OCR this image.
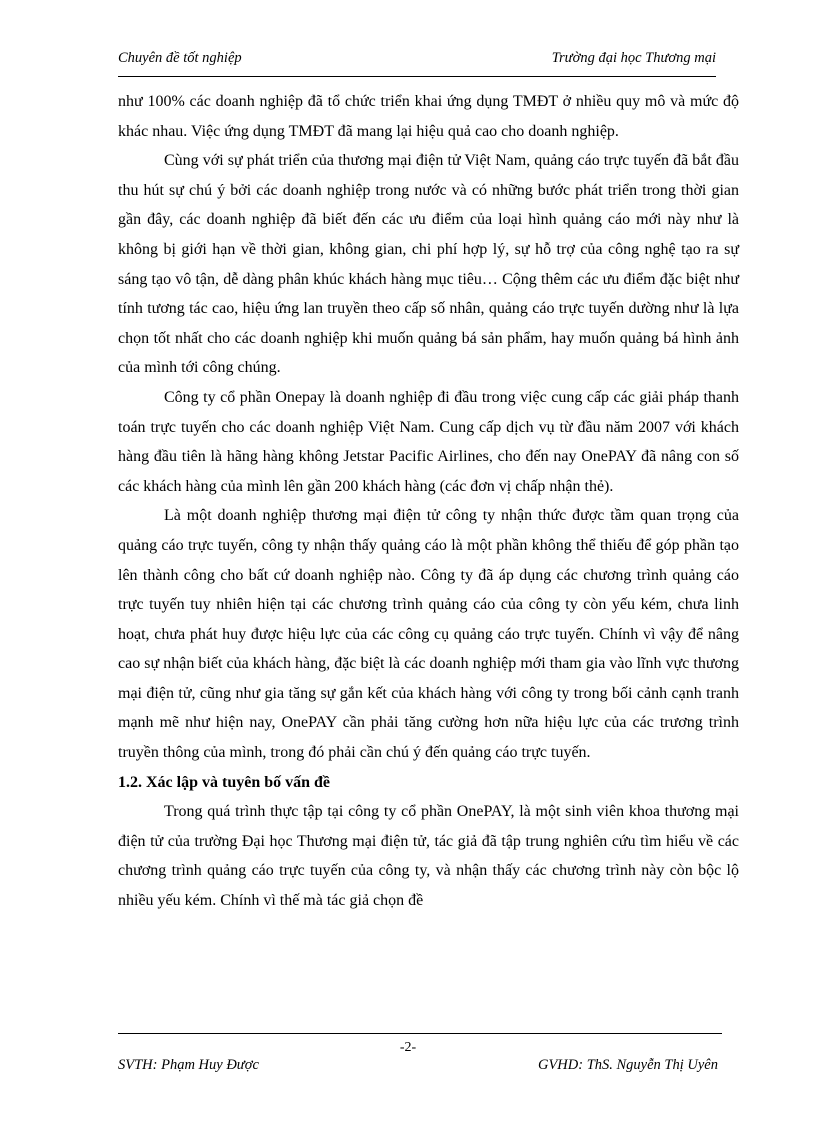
Chuyên đề tốt nghiệp	Trường đại học Thương mại

như 100% các doanh nghiệp đã tổ chức triển khai ứng dụng TMĐT ở nhiều quy mô và mức độ khác nhau. Việc ứng dụng TMĐT đã mang lại hiệu quả cao cho doanh nghiệp.

Cùng với sự phát triển của thương mại điện tử Việt Nam, quảng cáo trực tuyến đã bắt đầu thu hút sự chú ý bởi các doanh nghiệp trong nước và có những bước phát triển trong thời gian gần đây, các doanh nghiệp đã biết đến các ưu điểm của loại hình quảng cáo mới này như là không bị giới hạn về thời gian, không gian, chi phí hợp lý, sự hỗ trợ của công nghệ tạo ra sự sáng tạo vô tận, dễ dàng phân khúc khách hàng mục tiêu… Cộng thêm các ưu điểm đặc biệt như tính tương tác cao, hiệu ứng lan truyền theo cấp số nhân, quảng cáo trực tuyến dường như là lựa chọn tốt nhất cho các doanh nghiệp khi muốn quảng bá sản phẩm, hay muốn quảng bá hình ảnh của mình tới công chúng.

Công ty cổ phần Onepay là doanh nghiệp đi đầu trong việc cung cấp các giải pháp thanh toán trực tuyến cho các doanh nghiệp Việt Nam. Cung cấp dịch vụ từ đầu năm 2007 với khách hàng đầu tiên là hãng hàng không Jetstar Pacific Airlines, cho đến nay OnePAY đã nâng con số các khách hàng của mình lên gần 200 khách hàng (các đơn vị chấp nhận thẻ).

Là một doanh nghiệp thương mại điện tử công ty nhận thức được tầm quan trọng của quảng cáo trực tuyến, công ty nhận thấy quảng cáo là một phần không thể thiếu để góp phần tạo lên thành công cho bất cứ doanh nghiệp nào. Công ty đã áp dụng các chương trình quảng cáo trực tuyến tuy nhiên hiện tại các chương trình quảng cáo của công ty còn yếu kém, chưa linh hoạt, chưa phát huy được hiệu lực của các công cụ quảng cáo trực tuyến. Chính vì vậy để nâng cao sự nhận biết của khách hàng, đặc biệt là các doanh nghiệp mới tham gia vào lĩnh vực thương mại điện tử, cũng như gia tăng sự gắn kết của khách hàng với công ty trong bối cảnh cạnh tranh mạnh mẽ như hiện nay, OnePAY cần phải tăng cường hơn nữa hiệu lực của các trương trình truyền thông của mình, trong đó phải cần chú ý đến quảng cáo trực tuyến.

1.2. Xác lập và tuyên bố vấn đề

Trong quá trình thực tập tại công ty cổ phần OnePAY, là một sinh viên khoa thương mại điện tử của trường Đại học Thương mại điện tử, tác giả đã tập trung nghiên cứu tìm hiểu về các chương trình quảng cáo trực tuyến của công ty, và nhận thấy các chương trình này còn bộc lộ nhiều yếu kém. Chính vì thế mà tác giả chọn đề

-2-
SVTH: Phạm Huy Được	GVHD: ThS. Nguyễn Thị Uyên
